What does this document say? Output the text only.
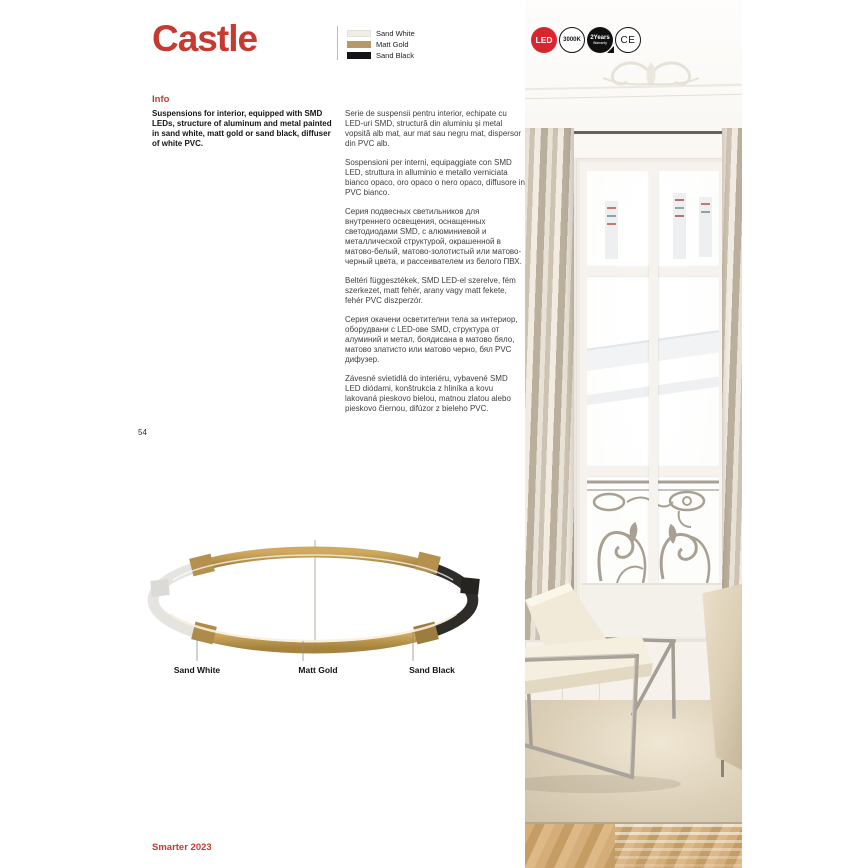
LED 3000K 2Years
Warranty CE
Castle	Sand White
Matt Gold
Sand Black
Info

Suspensions for interior, equipped with SMD LEDs, structure of aluminum and metal painted in sand white, matt gold or sand black, diffuser of white PVC.

Serie de suspensii pentru interior, echipate cu LED-uri SMD, structură din aluminiu și metal vopsită alb mat, aur mat sau negru mat, dispersor din PVC alb.

Sospensioni per interni, equipaggiate con SMD LED, struttura in alluminio e metallo verniciata bianco opaco, oro opaco o nero opaco, diffusore in PVC bianco.

Серия подвесных светильников для внутреннего освещения, оснащенных светодиодами SMD, с алюминиевой и металлической структурой, окрашенной в матово-белый, матово-золотистый или матово-черный цвета, и рассеивателем из белого ПВХ.

Beltéri függesztékek, SMD LED-el szerelve, fém szerkezet, matt fehér, arany vagy matt fekete, fehér PVC diszperzór.

Серия окачени осветителни тела за интериор, оборудвани с LED-ове SMD, структура от алуминий и метал, боядисана в матово бяло, матово златисто или матово черно, бял PVC дифузер.

Závesné svietidlá do interiéru, vybavené SMD LED diódami, konštrukcia z hliníka a kovu lakovaná pieskovo bielou, matnou zlatou alebo pieskovo čiernou, difúzor z bieleho PVC.

54
Sand White	Matt Gold	Sand Black
Smarter 2023
